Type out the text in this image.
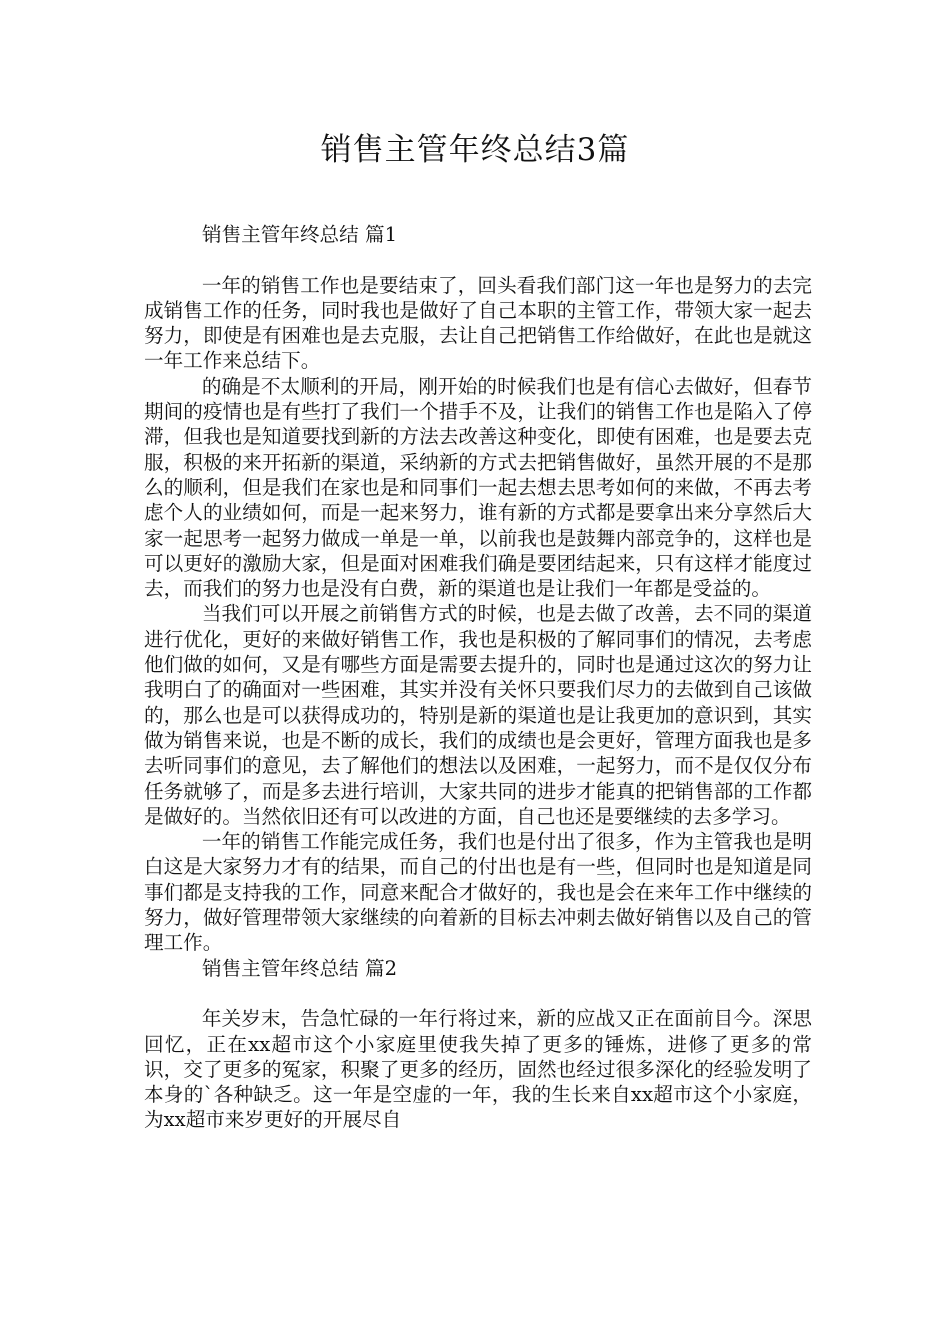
销售主管年终总结3篇
销售主管年终总结 篇1

一年的销售工作也是要结束了，回头看我们部门这一年也是努力的去完成销售工作的任务，同时我也是做好了自己本职的主管工作，带领大家一起去努力，即使是有困难也是去克服，去让自己把销售工作给做好，在此也是就这一年工作来总结下。

的确是不太顺利的开局，刚开始的时候我们也是有信心去做好，但春节期间的疫情也是有些打了我们一个措手不及，让我们的销售工作也是陷入了停滞，但我也是知道要找到新的方法去改善这种变化，即使有困难，也是要去克服，积极的来开拓新的渠道，采纳新的方式去把销售做好，虽然开展的不是那么的顺利，但是我们在家也是和同事们一起去想去思考如何的来做，不再去考虑个人的业绩如何，而是一起来努力，谁有新的方式都是要拿出来分享然后大家一起思考一起努力做成一单是一单，以前我也是鼓舞内部竞争的，这样也是可以更好的激励大家，但是面对困难我们确是要团结起来，只有这样才能度过去，而我们的努力也是没有白费，新的渠道也是让我们一年都是受益的。

当我们可以开展之前销售方式的时候，也是去做了改善，去不同的渠道进行优化，更好的来做好销售工作，我也是积极的了解同事们的情况，去考虑他们做的如何，又是有哪些方面是需要去提升的，同时也是通过这次的努力让我明白了的确面对一些困难，其实并没有关怀只要我们尽力的去做到自己该做的，那么也是可以获得成功的，特别是新的渠道也是让我更加的意识到，其实做为销售来说，也是不断的成长，我们的成绩也是会更好，管理方面我也是多去听同事们的意见，去了解他们的想法以及困难，一起努力，而不是仅仅分布任务就够了，而是多去进行培训，大家共同的进步才能真的把销售部的工作都是做好的。当然依旧还有可以改进的方面，自己也还是要继续的去多学习。

一年的销售工作能完成任务，我们也是付出了很多，作为主管我也是明白这是大家努力才有的结果，而自己的付出也是有一些，但同时也是知道是同事们都是支持我的工作，同意来配合才做好的，我也是会在来年工作中继续的努力，做好管理带领大家继续的向着新的目标去冲刺去做好销售以及自己的管理工作。

销售主管年终总结 篇2

年关岁末，告急忙碌的一年行将过来，新的应战又正在面前目今。深思回忆，正在xx超市这个小家庭里使我失掉了更多的锤炼，进修了更多的常识，交了更多的冤家，积聚了更多的经历，固然也经过很多深化的经验发明了本身的`各种缺乏。这一年是空虚的一年，我的生长来自xx超市这个小家庭，为xx超市来岁更好的开展尽自
